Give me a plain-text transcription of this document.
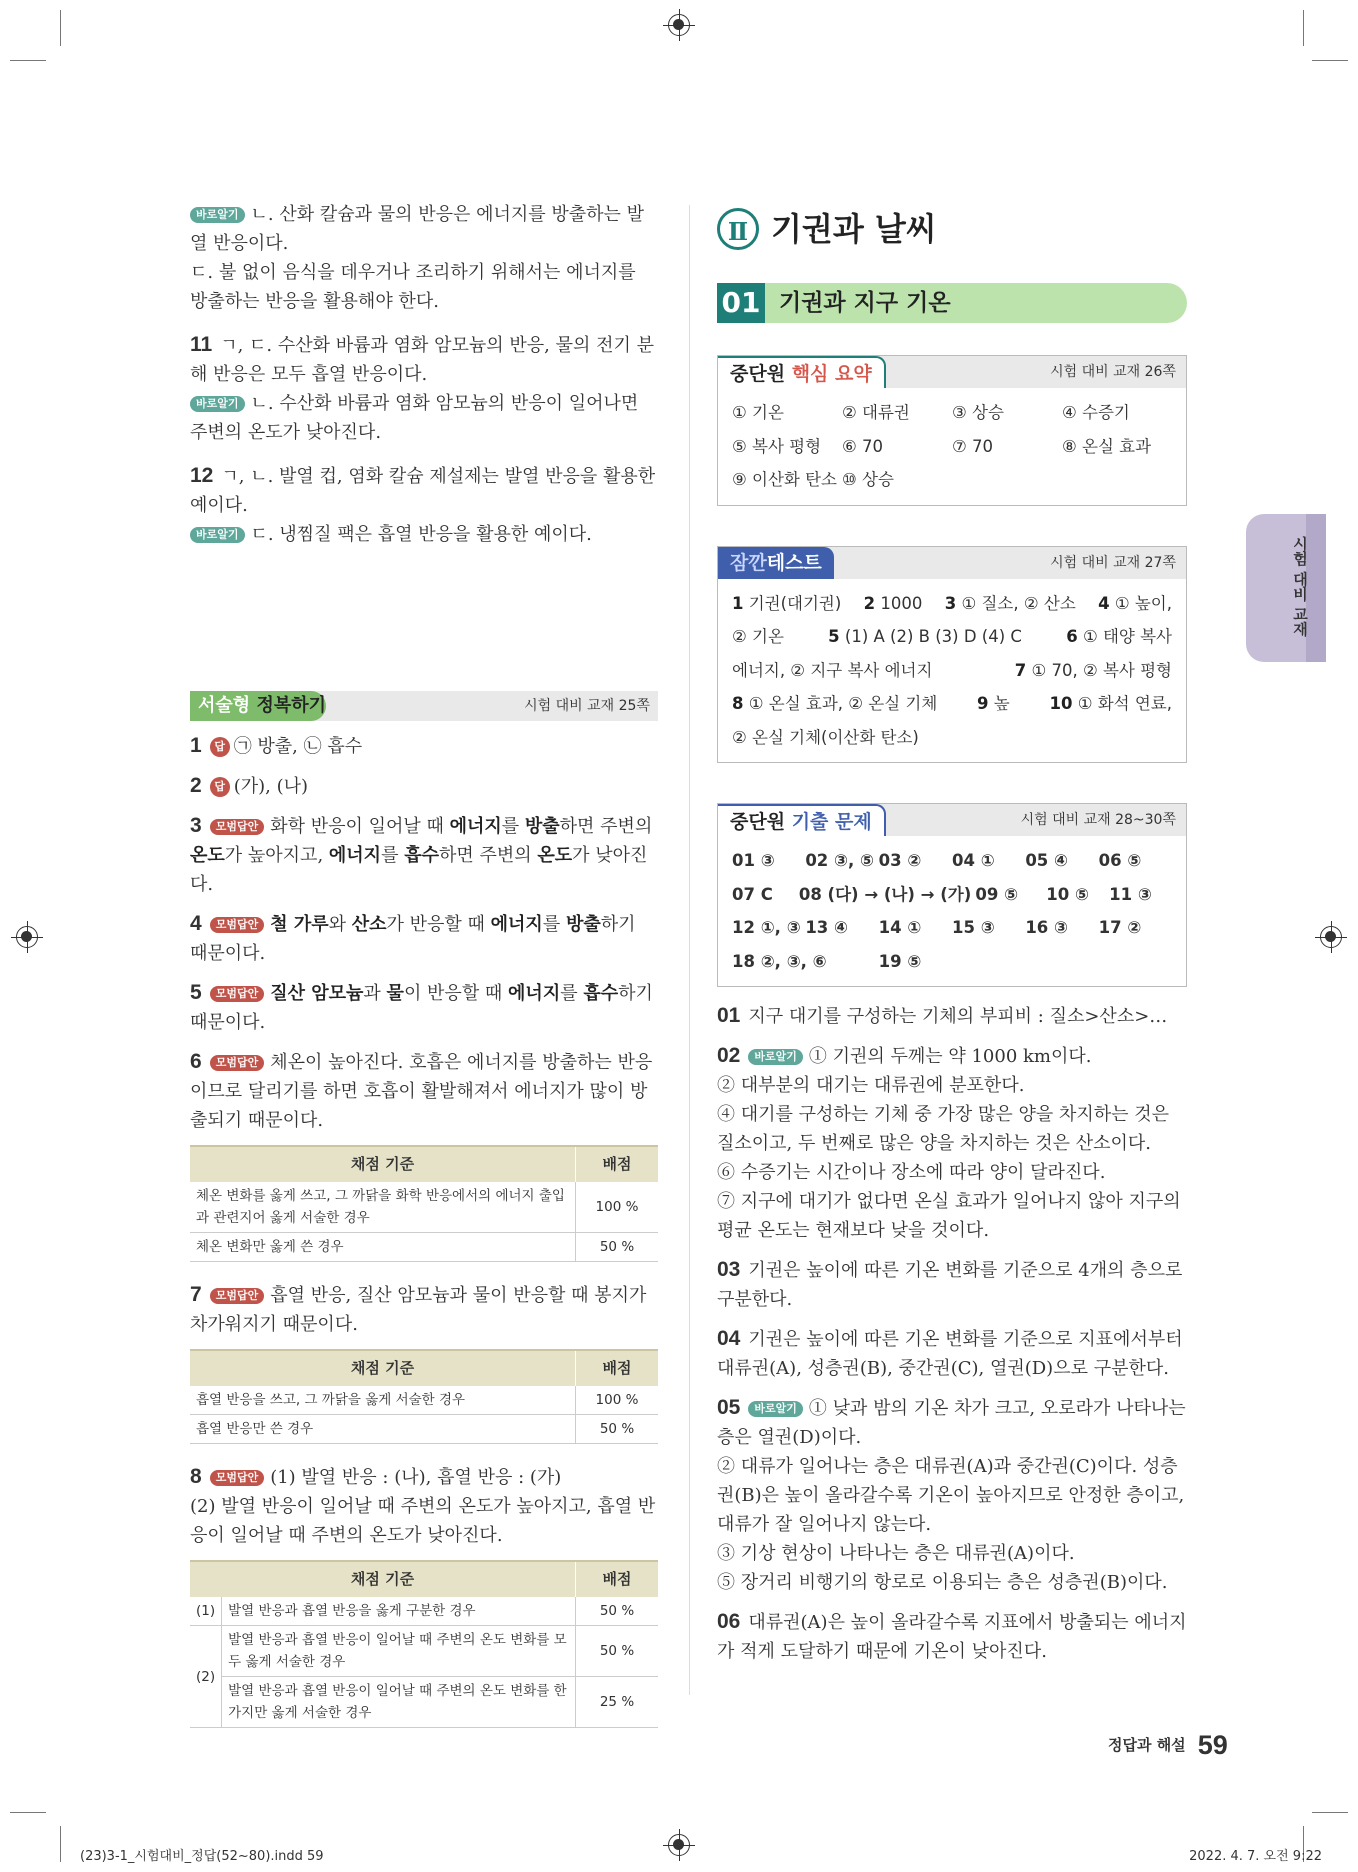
바로알기 ㄴ. 산화 칼슘과 물의 반응은 에너지를 방출하는 발열 반응이다.
ㄷ. 불 없이 음식을 데우거나 조리하기 위해서는 에너지를 방출하는 반응을 활용해야 한다.

11 ㄱ, ㄷ. 수산화 바륨과 염화 암모늄의 반응, 물의 전기 분해 반응은 모두 흡열 반응이다.
바로알기 ㄴ. 수산화 바륨과 염화 암모늄의 반응이 일어나면 주변의 온도가 낮아진다.

12 ㄱ, ㄴ. 발열 컵, 염화 칼슘 제설제는 발열 반응을 활용한 예이다.
바로알기 ㄷ. 냉찜질 팩은 흡열 반응을 활용한 예이다.

서술형 정복하기	시험 대비 교재 25쪽

1 답 ㉠ 방출, ㉡ 흡수

2 답 (가), (나)

3 모범답안 화학 반응이 일어날 때 에너지를 방출하면 주변의 온도가 높아지고, 에너지를 흡수하면 주변의 온도가 낮아진다.

4 모범답안 철 가루와 산소가 반응할 때 에너지를 방출하기 때문이다.

5 모범답안 질산 암모늄과 물이 반응할 때 에너지를 흡수하기 때문이다.

6 모범답안 체온이 높아진다. 호흡은 에너지를 방출하는 반응이므로 달리기를 하면 호흡이 활발해져서 에너지가 많이 방출되기 때문이다.

채점 기준	배점
체온 변화를 옳게 쓰고, 그 까닭을 화학 반응에서의 에너지 출입과 관련지어 옳게 서술한 경우	100 %
체온 변화만 옳게 쓴 경우	50 %

7 모범답안 흡열 반응, 질산 암모늄과 물이 반응할 때 봉지가 차가워지기 때문이다.

채점 기준	배점
흡열 반응을 쓰고, 그 까닭을 옳게 서술한 경우	100 %
흡열 반응만 쓴 경우	50 %

8 모범답안 (1) 발열 반응 : (나), 흡열 반응 : (가)
(2) 발열 반응이 일어날 때 주변의 온도가 높아지고, 흡열 반응이 일어날 때 주변의 온도가 낮아진다.

채점 기준		배점
(1)	발열 반응과 흡열 반응을 옳게 구분한 경우	50 %
(2)	발열 반응과 흡열 반응이 일어날 때 주변의 온도 변화를 모두 옳게 서술한 경우	50 %
	발열 반응과 흡열 반응이 일어날 때 주변의 온도 변화를 한 가지만 옳게 서술한 경우	25 %
Ⅱ 기권과 날씨
01 기권과 지구 기온
중단원 핵심 요약	시험 대비 교재 26쪽
① 기온	② 대류권	③ 상승	④ 수증기
⑤ 복사 평형	⑥ 70	⑦ 70	⑧ 온실 효과
⑨ 이산화 탄소 ⑩ 상승
잠깐테스트	시험 대비 교재 27쪽
1 기권(대기권) 2 1000 3 ① 질소, ② 산소 4 ① 높이,
② 기온	5 (1) A (2) B (3) D (4) C	6 ① 태양 복사
에너지, ② 지구 복사 에너지	7 ① 70, ② 복사 평형
8 ① 온실 효과, ② 온실 기체 9 높 10 ① 화석 연료,
② 온실 기체(이산화 탄소)
중단원 기출 문제	시험 대비 교재 28~30쪽
01 ③	02 ③, ⑤ 03 ②	04 ①	05 ④	06 ⑤
07 C	08 (다) → (나) → (가) 09 ⑤	10 ⑤	11 ③
12 ①, ③ 13 ④	14 ①	15 ③	16 ③	17 ②
18 ②, ③, ⑥	19 ⑤

01 지구 대기를 구성하는 기체의 부피비 : 질소>산소>…

02 바로알기 ① 기권의 두께는 약 1000 km이다.
② 대부분의 대기는 대류권에 분포한다.
④ 대기를 구성하는 기체 중 가장 많은 양을 차지하는 것은 질소이고, 두 번째로 많은 양을 차지하는 것은 산소이다.
⑥ 수증기는 시간이나 장소에 따라 양이 달라진다.
⑦ 지구에 대기가 없다면 온실 효과가 일어나지 않아 지구의 평균 온도는 현재보다 낮을 것이다.

03 기권은 높이에 따른 기온 변화를 기준으로 4개의 층으로 구분한다.

04 기권은 높이에 따른 기온 변화를 기준으로 지표에서부터 대류권(A), 성층권(B), 중간권(C), 열권(D)으로 구분한다.

05 바로알기 ① 낮과 밤의 기온 차가 크고, 오로라가 나타나는 층은 열권(D)이다.
② 대류가 일어나는 층은 대류권(A)과 중간권(C)이다. 성층권(B)은 높이 올라갈수록 기온이 높아지므로 안정한 층이고, 대류가 잘 일어나지 않는다.
③ 기상 현상이 나타나는 층은 대류권(A)이다.
⑤ 장거리 비행기의 항로로 이용되는 층은 성층권(B)이다.

06 대류권(A)은 높이 올라갈수록 지표에서 방출되는 에너지가 적게 도달하기 때문에 기온이 낮아진다.

시험 대비 교재
정답과 해설 59
(23)3-1_시험대비_정답(52~80).indd 59	2022. 4. 7. 오전 9:22
